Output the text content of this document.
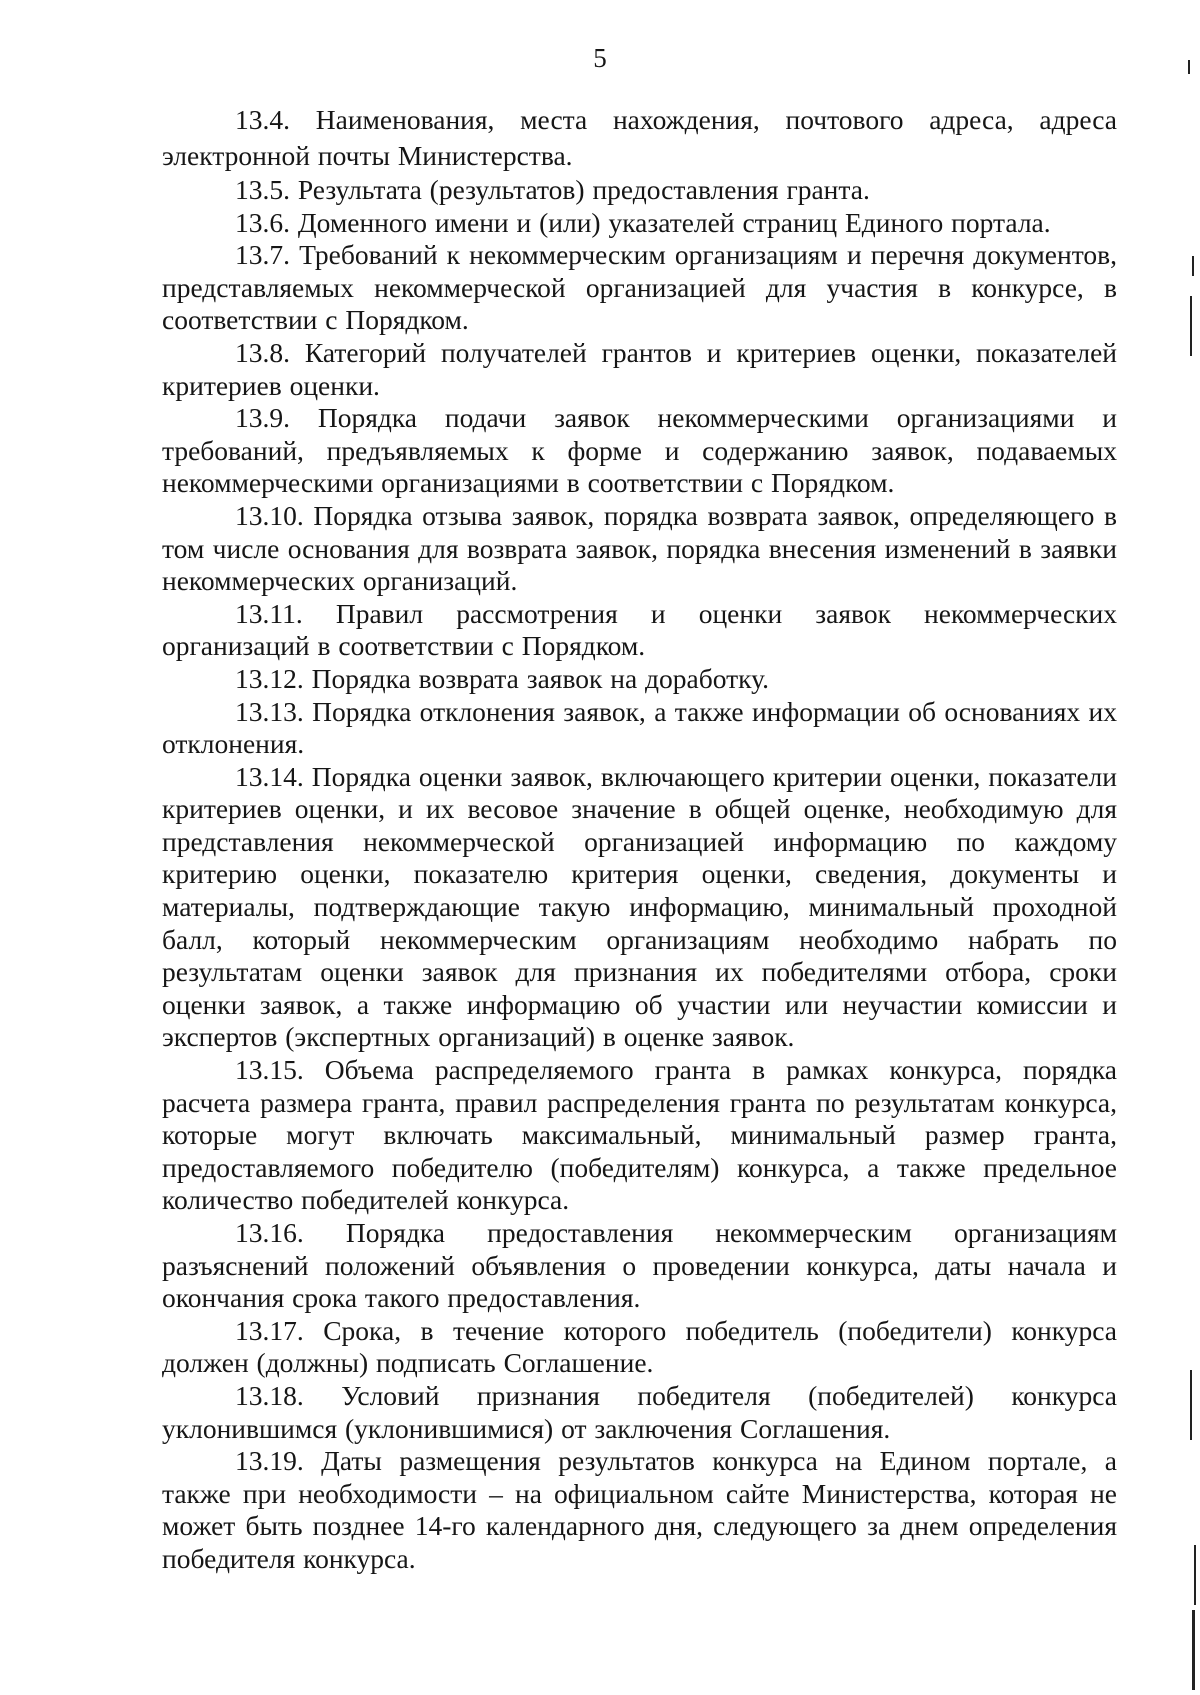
5

13.4. Наименования, места нахождения, почтового адреса, адреса электронной почты Министерства.

13.5. Результата (результатов) предоставления гранта.

13.6. Доменного имени и (или) указателей страниц Единого портала.

13.7. Требований к некоммерческим организациям и перечня документов, представляемых некоммерческой организацией для участия в конкурсе, в соответствии с Порядком.

13.8. Категорий получателей грантов и критериев оценки, показателей критериев оценки.

13.9. Порядка подачи заявок некоммерческими организациями и требований, предъявляемых к форме и содержанию заявок, подаваемых некоммерческими организациями в соответствии с Порядком.

13.10. Порядка отзыва заявок, порядка возврата заявок, определяющего в том числе основания для возврата заявок, порядка внесения изменений в заявки некоммерческих организаций.

13.11. Правил рассмотрения и оценки заявок некоммерческих организаций в соответствии с Порядком.

13.12. Порядка возврата заявок на доработку.

13.13. Порядка отклонения заявок, а также информации об основаниях их отклонения.

13.14. Порядка оценки заявок, включающего критерии оценки, показатели критериев оценки, и их весовое значение в общей оценке, необходимую для представления некоммерческой организацией информацию по каждому критерию оценки, показателю критерия оценки, сведения, документы и материалы, подтверждающие такую информацию, минимальный проходной балл, который некоммерческим организациям необходимо набрать по результатам оценки заявок для признания их победителями отбора, сроки оценки заявок, а также информацию об участии или неучастии комиссии и экспертов (экспертных организаций) в оценке заявок.

13.15. Объема распределяемого гранта в рамках конкурса, порядка расчета размера гранта, правил распределения гранта по результатам конкурса, которые могут включать максимальный, минимальный размер гранта, предоставляемого победителю (победителям) конкурса, а также предельное количество победителей конкурса.

13.16. Порядка предоставления некоммерческим организациям разъяснений положений объявления о проведении конкурса, даты начала и окончания срока такого предоставления.

13.17. Срока, в течение которого победитель (победители) конкурса должен (должны) подписать Соглашение.

13.18. Условий признания победителя (победителей) конкурса уклонившимся (уклонившимися) от заключения Соглашения.

13.19. Даты размещения результатов конкурса на Едином портале, а также при необходимости – на официальном сайте Министерства, которая не может быть позднее 14-го календарного дня, следующего за днем определения победителя конкурса.
